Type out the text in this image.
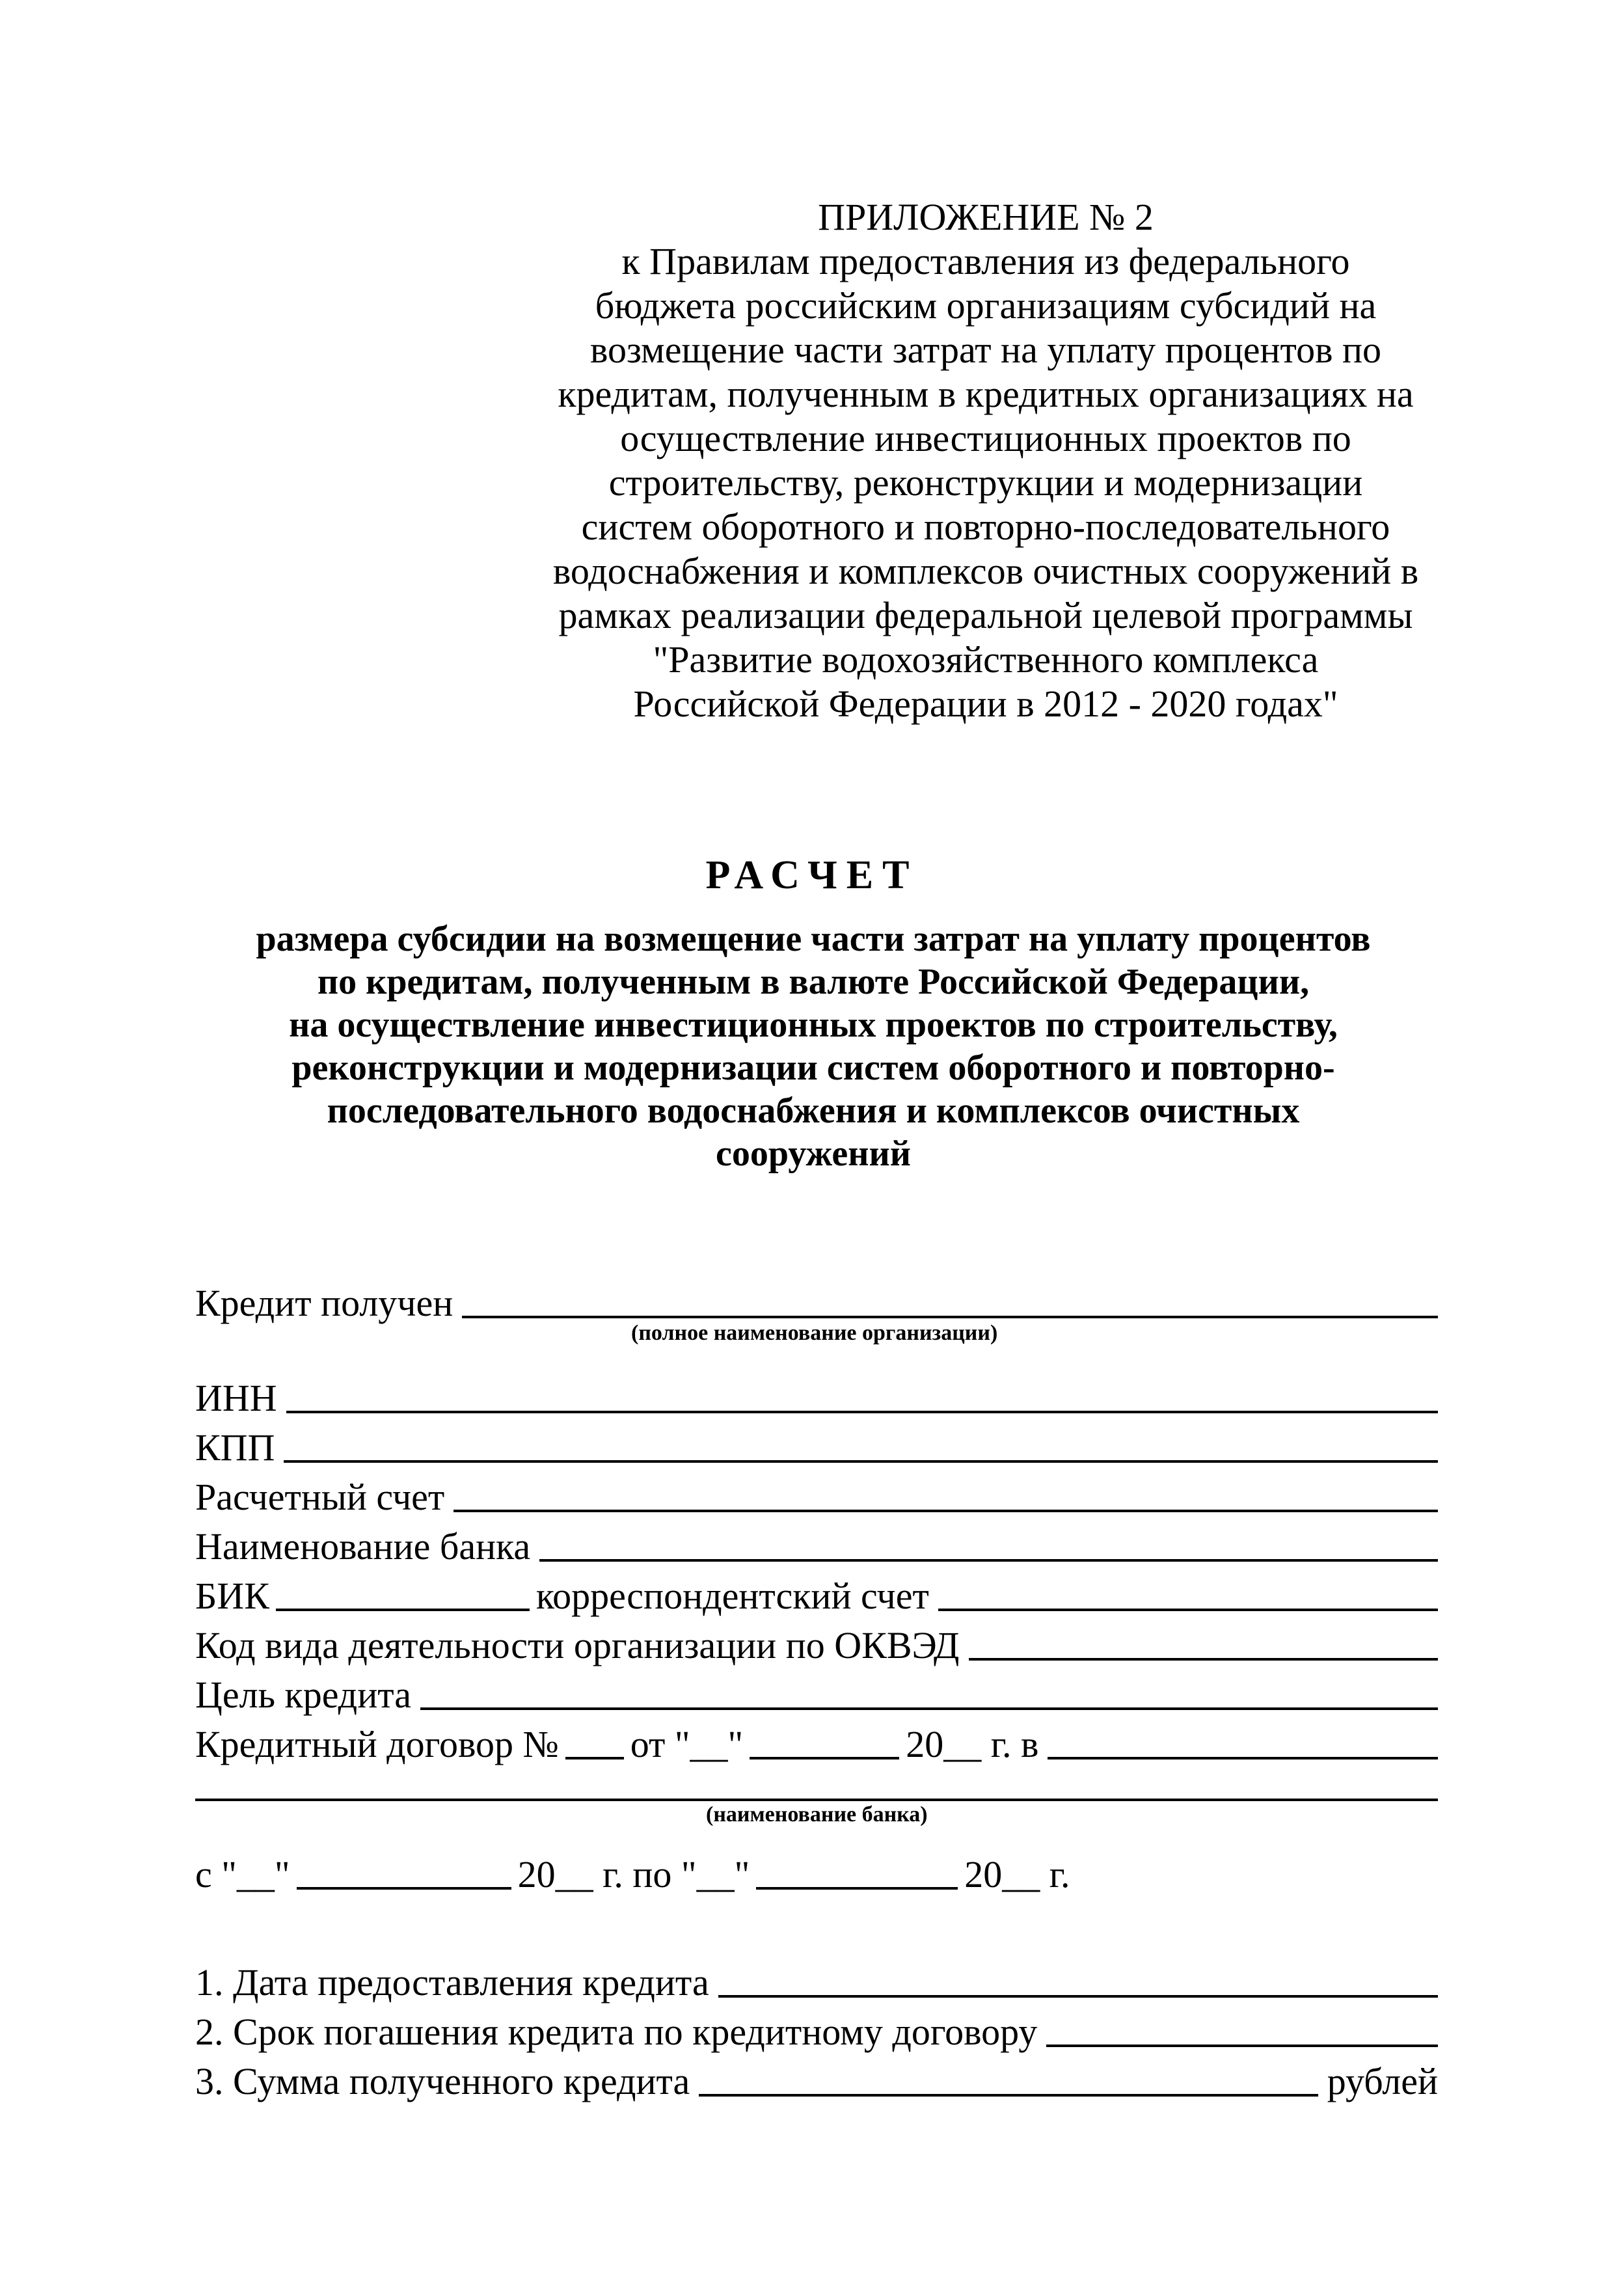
ПРИЛОЖЕНИЕ № 2
к Правилам предоставления из федерального
бюджета российским организациям субсидий на
возмещение части затрат на уплату процентов по
кредитам, полученным в кредитных организациях на
осуществление инвестиционных проектов по
строительству, реконструкции и модернизации
систем оборотного и повторно-последовательного
водоснабжения и комплексов очистных сооружений в
рамках реализации федеральной целевой программы
"Развитие водохозяйственного комплекса
Российской Федерации в 2012 - 2020 годах"
РАСЧЕТ
размера субсидии на возмещение части затрат на уплату процентов
по кредитам, полученным в валюте Российской Федерации,
на осуществление инвестиционных проектов по строительству,
реконструкции и модернизации систем оборотного и повторно-
последовательного водоснабжения и комплексов очистных
сооружений
Кредит получен
(полное наименование организации)
ИНН
КПП
Расчетный счет
Наименование банка
БИК	корреспондентский счет
Код вида деятельности организации по ОКВЭД
Цель кредита
Кредитный договор № от "__"	20__ г. в
(наименование банка)
с "__"	20__ г. по "__"	20__ г.
1. Дата предоставления кредита
2. Срок погашения кредита по кредитному договору
3. Сумма полученного кредита	рублей
